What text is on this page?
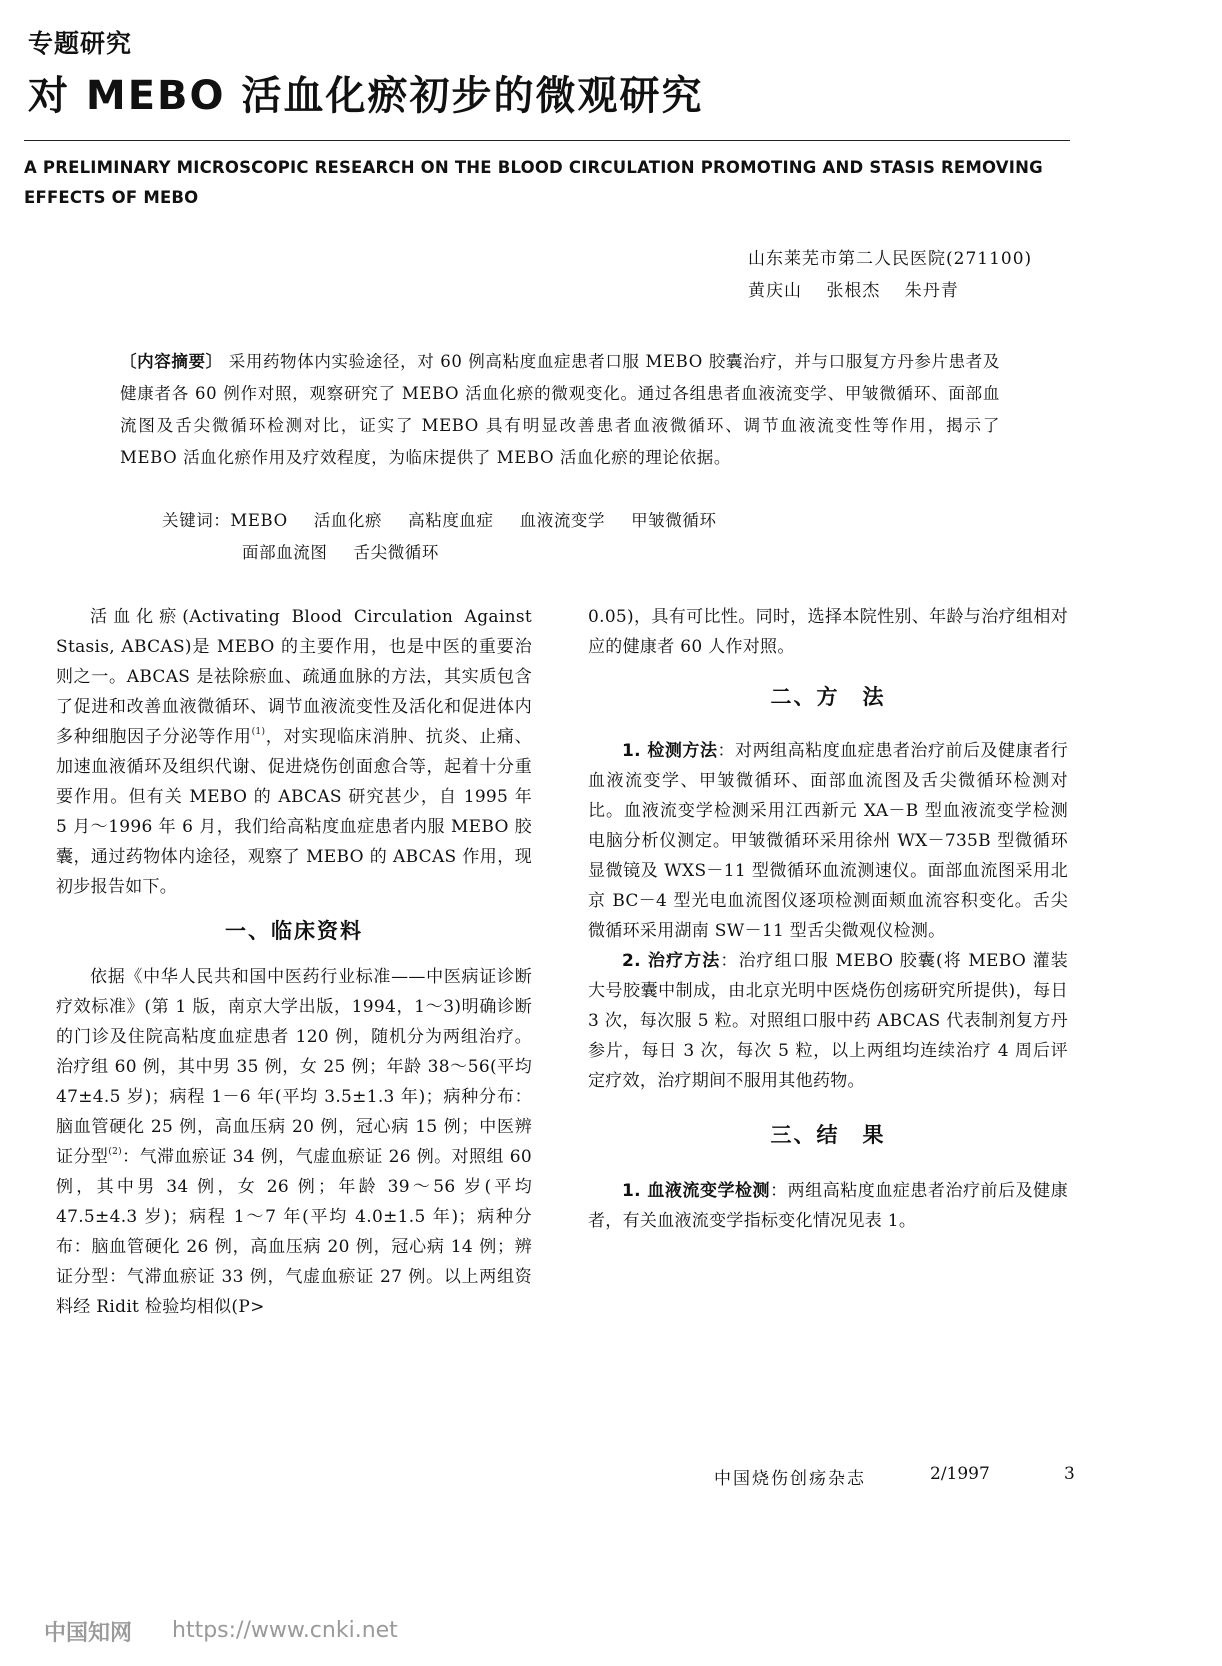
专题研究
对 MEBO 活血化瘀初步的微观研究
A PRELIMINARY MICROSCOPIC RESEARCH ON THE BLOOD CIRCULATION PROMOTING AND STASIS REMOVING EFFECTS OF MEBO
山东莱芜市第二人民医院(271100)
黄庆山 张根杰 朱丹青
〔内容摘要〕 采用药物体内实验途径，对 60 例高粘度血症患者口服 MEBO 胶囊治疗，并与口服复方丹参片患者及健康者各 60 例作对照，观察研究了 MEBO 活血化瘀的微观变化。通过各组患者血液流变学、甲皱微循环、面部血流图及舌尖微循环检测对比，证实了 MEBO 具有明显改善患者血液微循环、调节血液流变性等作用，揭示了 MEBO 活血化瘀作用及疗效程度，为临床提供了 MEBO 活血化瘀的理论依据。
关键词：MEBO 活血化瘀 高粘度血症 血液流变学 甲皱微循环
面部血流图 舌尖微循环

活血化瘀(Activating Blood Circulation Against Stasis, ABCAS)是 MEBO 的主要作用，也是中医的重要治则之一。ABCAS 是祛除瘀血、疏通血脉的方法，其实质包含了促进和改善血液微循环、调节血液流变性及活化和促进体内多种细胞因子分泌等作用$^{(1)}$，对实现临床消肿、抗炎、止痛、加速血液循环及组织代谢、促进烧伤创面愈合等，起着十分重要作用。但有关 MEBO 的 ABCAS 研究甚少，自 1995 年 5 月～1996 年 6 月，我们给高粘度血症患者内服 MEBO 胶囊，通过药物体内途径，观察了 MEBO 的 ABCAS 作用，现初步报告如下。

一、临床资料

依据《中华人民共和国中医药行业标准——中医病证诊断疗效标准》(第 1 版，南京大学出版，1994，1～3)明确诊断的门诊及住院高粘度血症患者 120 例，随机分为两组治疗。治疗组 60 例，其中男 35 例，女 25 例；年龄 38～56(平均 47±4.5 岁)；病程 1－6 年(平均 3.5±1.3 年)；病种分布：脑血管硬化 25 例，高血压病 20 例，冠心病 15 例；中医辨证分型$^{(2)}$：气滞血瘀证 34 例，气虚血瘀证 26 例。对照组 60 例，其中男 34 例，女 26 例；年龄 39～56 岁(平均 47.5±4.3 岁)；病程 1～7 年(平均 4.0±1.5 年)；病种分布：脑血管硬化 26 例，高血压病 20 例，冠心病 14 例；辨证分型：气滞血瘀证 33 例，气虚血瘀证 27 例。以上两组资料经 Ridit 检验均相似(P>

0.05)，具有可比性。同时，选择本院性别、年龄与治疗组相对应的健康者 60 人作对照。

二、方　法

1. 检测方法：对两组高粘度血症患者治疗前后及健康者行血液流变学、甲皱微循环、面部血流图及舌尖微循环检测对比。血液流变学检测采用江西新元 XA－B 型血液流变学检测电脑分析仪测定。甲皱微循环采用徐州 WX－735B 型微循环显微镜及 WXS－11 型微循环血流测速仪。面部血流图采用北京 BC－4 型光电血流图仪逐项检测面颊血流容积变化。舌尖微循环采用湖南 SW－11 型舌尖微观仪检测。

2. 治疗方法：治疗组口服 MEBO 胶囊(将 MEBO 灌装大号胶囊中制成，由北京光明中医烧伤创疡研究所提供)，每日 3 次，每次服 5 粒。对照组口服中药 ABCAS 代表制剂复方丹参片，每日 3 次，每次 5 粒，以上两组均连续治疗 4 周后评定疗效，治疗期间不服用其他药物。

三、结　果

1. 血液流变学检测：两组高粘度血症患者治疗前后及健康者，有关血液流变学指标变化情况见表 1。

中国烧伤创疡杂志	2/1997	3
中国知网 https://www.cnki.net
